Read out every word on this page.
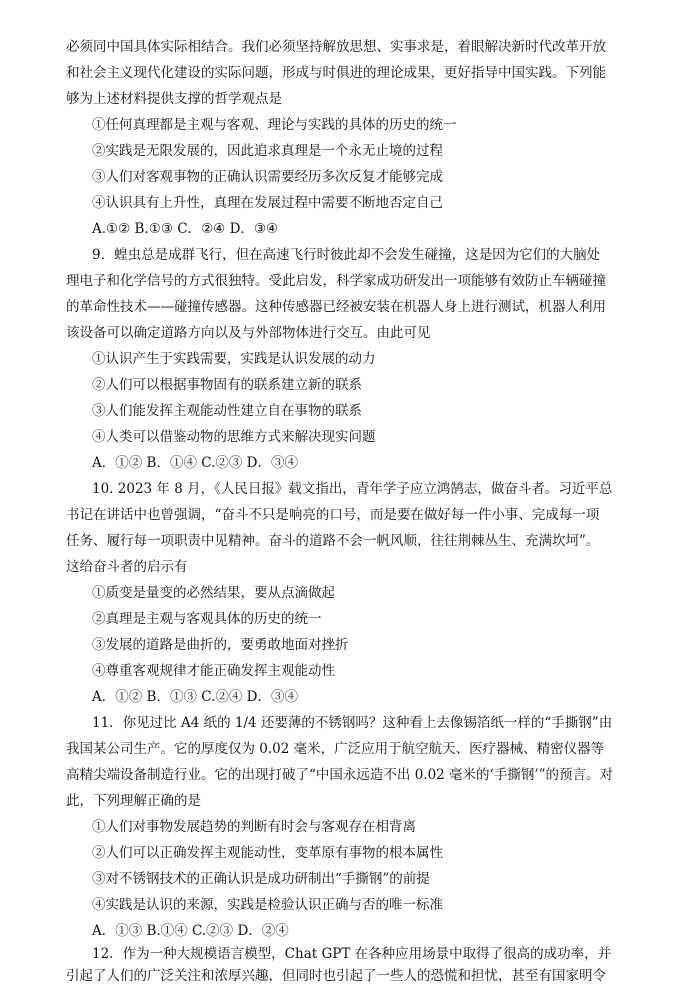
必须同中国具体实际相结合。我们必须坚持解放思想、实事求是，着眼解决新时代改革开放
和社会主义现代化建设的实际问题，形成与时俱进的理论成果，更好指导中国实践。下列能
够为上述材料提供支撑的哲学观点是
①任何真理都是主观与客观、理论与实践的具体的历史的统一
②实践是无限发展的，因此追求真理是一个永无止境的过程
③人们对客观事物的正确认识需要经历多次反复才能够完成
④认识具有上升性，真理在发展过程中需要不断地否定自己
A.①② B.①③ C．②④ D．③④
9．蝗虫总是成群飞行，但在高速飞行时彼此却不会发生碰撞，这是因为它们的大脑处
理电子和化学信号的方式很独特。受此启发，科学家成功研发出一项能够有效防止车辆碰撞
的革命性技术——碰撞传感器。这种传感器已经被安装在机器人身上进行测试，机器人利用
该设备可以确定道路方向以及与外部物体进行交互。由此可见
①认识产生于实践需要，实践是认识发展的动力
②人们可以根据事物固有的联系建立新的联系
③人们能发挥主观能动性建立自在事物的联系
④人类可以借鉴动物的思维方式来解决现实问题
A．①② B．①④ C.②③ D．③④
10. 2023 年 8 月，《人民日报》载文指出，青年学子应立鸿鹄志，做奋斗者。习近平总
书记在讲话中也曾强调，“奋斗不只是响亮的口号，而是要在做好每一件小事、完成每一项
任务、履行每一项职责中见精神。奋斗的道路不会一帆风顺，往往荆棘丛生、充满坎坷”。
这给奋斗者的启示有
①质变是量变的必然结果，要从点滴做起
②真理是主观与客观具体的历史的统一
③发展的道路是曲折的，要勇敢地面对挫折
④尊重客观规律才能正确发挥主观能动性
A．①② B．①③ C.②④ D．③④
11．你见过比 A4 纸的 1/4 还要薄的不锈钢吗？这种看上去像锡箔纸一样的“手撕钢”由
我国某公司生产。它的厚度仅为 0.02 毫米，广泛应用于航空航天、医疗器械、精密仪器等
高精尖端设备制造行业。它的出现打破了“中国永远造不出 0.02 毫米的‘手撕钢’”的预言。对
此，下列理解正确的是
①人们对事物发展趋势的判断有时会与客观存在相背离
②人们可以正确发挥主观能动性，变革原有事物的根本属性
③对不锈钢技术的正确认识是成功研制出“手撕钢”的前提
④实践是认识的来源，实践是检验认识正确与否的唯一标准
A．①③ B.①④ C.②③ D．②④
12．作为一种大规模语言模型，Chat GPT 在各种应用场景中取得了很高的成功率，并
引起了人们的广泛关注和浓厚兴趣，但同时也引起了一些人的恐慌和担忧，甚至有国家明令
